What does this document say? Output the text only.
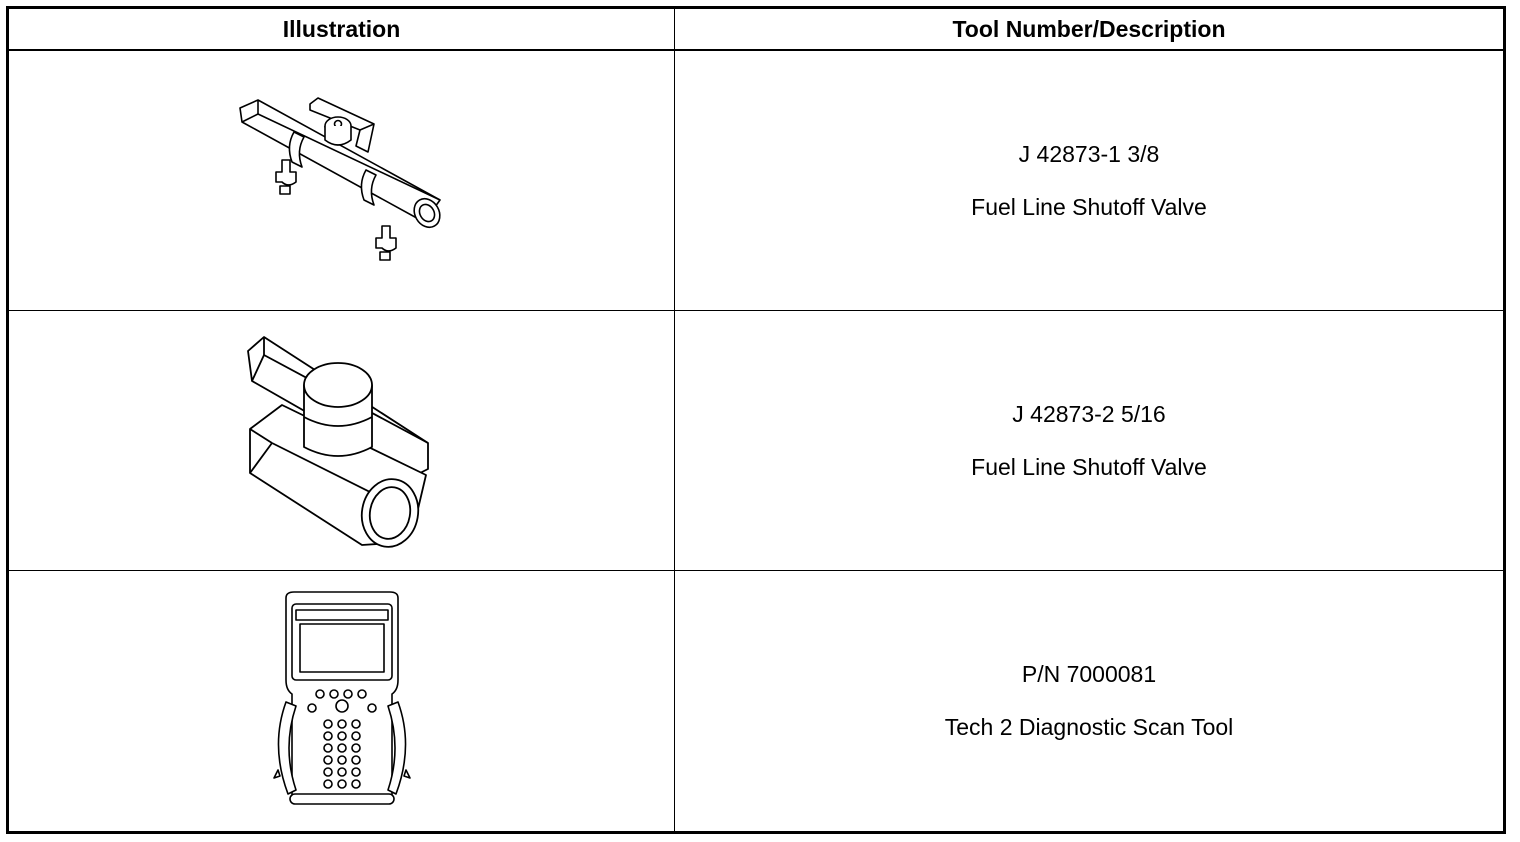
Illustration	Tool Number/Description
J 42873-1 3/8
Fuel Line Shutoff Valve
J 42873-2 5/16
Fuel Line Shutoff Valve
P/N 7000081
Tech 2 Diagnostic Scan Tool
